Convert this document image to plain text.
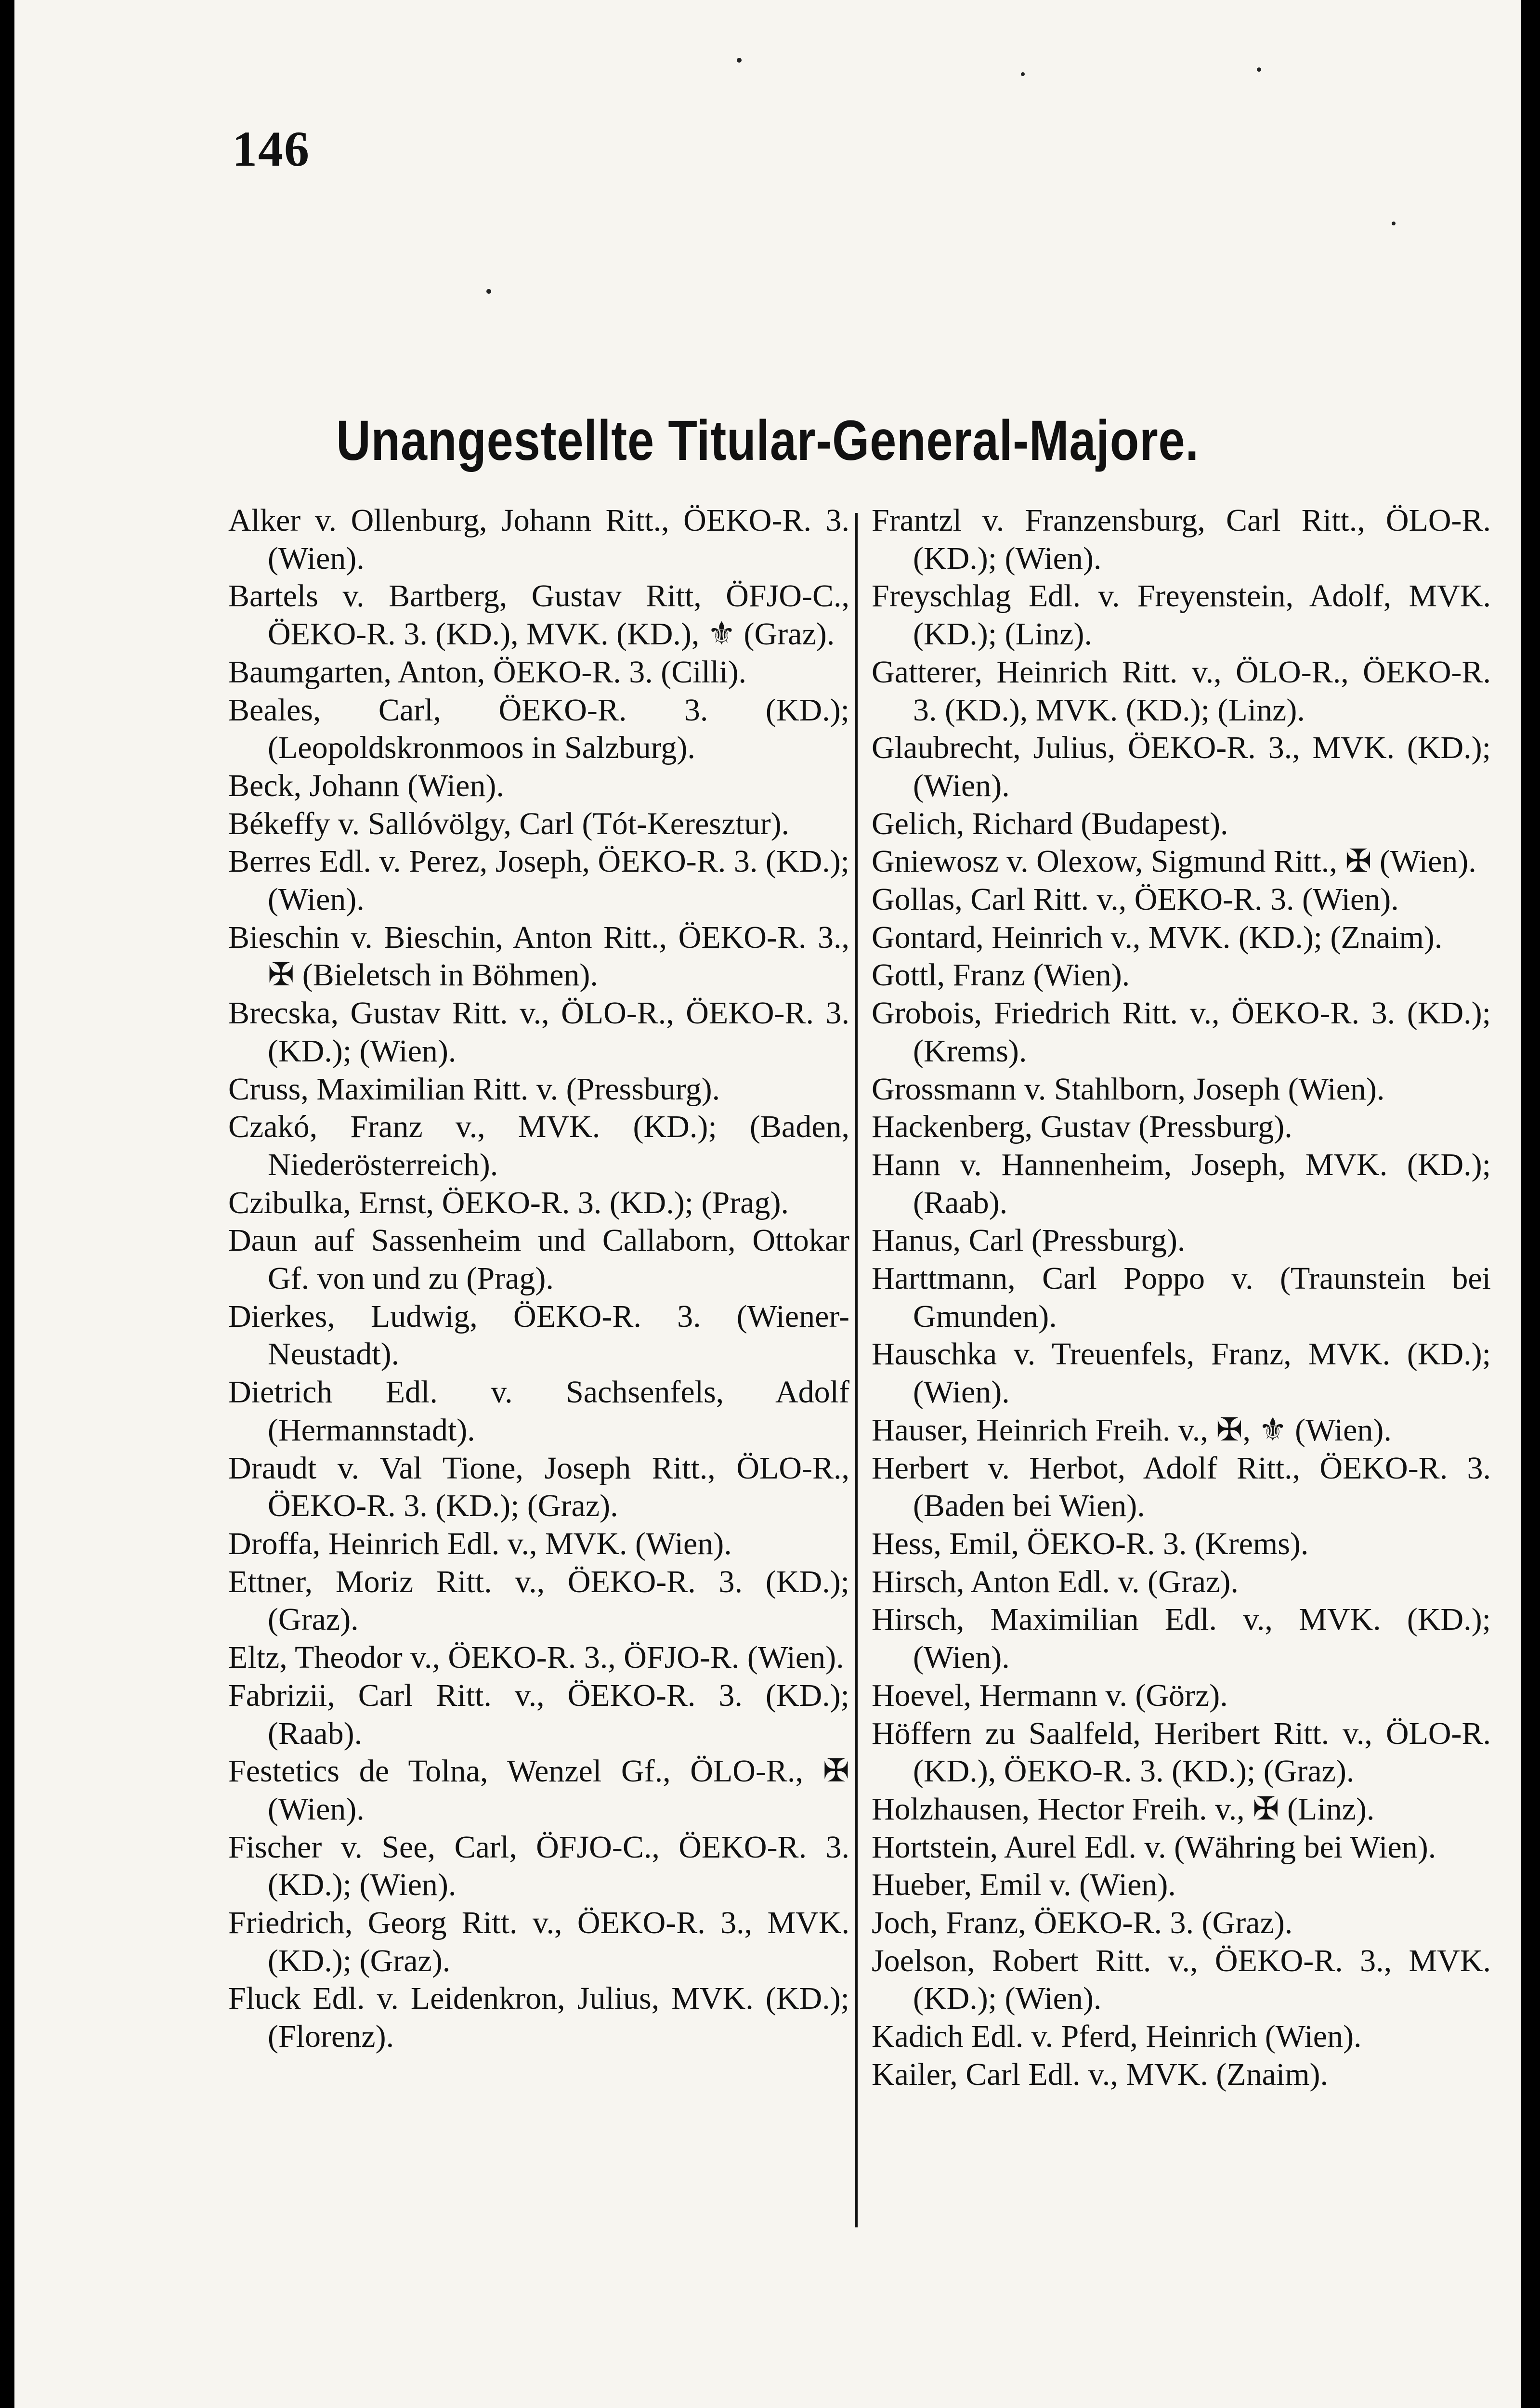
146
Unangestellte Titular-General-Majore.
Alker v. Ollenburg, Johann Ritt., ÖEKO-R. 3. (Wien).
Bartels v. Bartberg, Gustav Ritt, ÖFJO-C., ÖEKO-R. 3. (KD.), MVK. (KD.), ⚜ (Graz).
Baumgarten, Anton, ÖEKO-R. 3. (Cilli).
Beales, Carl, ÖEKO-R. 3. (KD.); (Leopoldskronmoos in Salzburg).
Beck, Johann (Wien).
Békeffy v. Sallóvölgy, Carl (Tót-Keresztur).
Berres Edl. v. Perez, Joseph, ÖEKO-R. 3. (KD.); (Wien).
Bieschin v. Bieschin, Anton Ritt., ÖEKO-R. 3., ✠ (Bieletsch in Böhmen).
Brecska, Gustav Ritt. v., ÖLO-R., ÖEKO-R. 3. (KD.); (Wien).
Cruss, Maximilian Ritt. v. (Pressburg).
Czakó, Franz v., MVK. (KD.); (Baden, Niederösterreich).
Czibulka, Ernst, ÖEKO-R. 3. (KD.); (Prag).
Daun auf Sassenheim und Callaborn, Ottokar Gf. von und zu (Prag).
Dierkes, Ludwig, ÖEKO-R. 3. (Wiener-Neustadt).
Dietrich Edl. v. Sachsenfels, Adolf (Hermannstadt).
Draudt v. Val Tione, Joseph Ritt., ÖLO-R., ÖEKO-R. 3. (KD.); (Graz).
Droffa, Heinrich Edl. v., MVK. (Wien).
Ettner, Moriz Ritt. v., ÖEKO-R. 3. (KD.); (Graz).
Eltz, Theodor v., ÖEKO-R. 3., ÖFJO-R. (Wien).
Fabrizii, Carl Ritt. v., ÖEKO-R. 3. (KD.); (Raab).
Festetics de Tolna, Wenzel Gf., ÖLO-R., ✠ (Wien).
Fischer v. See, Carl, ÖFJO-C., ÖEKO-R. 3. (KD.); (Wien).
Friedrich, Georg Ritt. v., ÖEKO-R. 3., MVK. (KD.); (Graz).
Fluck Edl. v. Leidenkron, Julius, MVK. (KD.); (Florenz).
Frantzl v. Franzensburg, Carl Ritt., ÖLO-R. (KD.); (Wien).
Freyschlag Edl. v. Freyenstein, Adolf, MVK. (KD.); (Linz).
Gatterer, Heinrich Ritt. v., ÖLO-R., ÖEKO-R. 3. (KD.), MVK. (KD.); (Linz).
Glaubrecht, Julius, ÖEKO-R. 3., MVK. (KD.); (Wien).
Gelich, Richard (Budapest).
Gniewosz v. Olexow, Sigmund Ritt., ✠ (Wien).
Gollas, Carl Ritt. v., ÖEKO-R. 3. (Wien).
Gontard, Heinrich v., MVK. (KD.); (Znaim).
Gottl, Franz (Wien).
Grobois, Friedrich Ritt. v., ÖEKO-R. 3. (KD.); (Krems).
Grossmann v. Stahlborn, Joseph (Wien).
Hackenberg, Gustav (Pressburg).
Hann v. Hannenheim, Joseph, MVK. (KD.); (Raab).
Hanus, Carl (Pressburg).
Harttmann, Carl Poppo v. (Traunstein bei Gmunden).
Hauschka v. Treuenfels, Franz, MVK. (KD.); (Wien).
Hauser, Heinrich Freih. v., ✠, ⚜ (Wien).
Herbert v. Herbot, Adolf Ritt., ÖEKO-R. 3. (Baden bei Wien).
Hess, Emil, ÖEKO-R. 3. (Krems).
Hirsch, Anton Edl. v. (Graz).
Hirsch, Maximilian Edl. v., MVK. (KD.); (Wien).
Hoevel, Hermann v. (Görz).
Höffern zu Saalfeld, Heribert Ritt. v., ÖLO-R. (KD.), ÖEKO-R. 3. (KD.); (Graz).
Holzhausen, Hector Freih. v., ✠ (Linz).
Hortstein, Aurel Edl. v. (Währing bei Wien).
Hueber, Emil v. (Wien).
Joch, Franz, ÖEKO-R. 3. (Graz).
Joelson, Robert Ritt. v., ÖEKO-R. 3., MVK. (KD.); (Wien).
Kadich Edl. v. Pferd, Heinrich (Wien).
Kailer, Carl Edl. v., MVK. (Znaim).
